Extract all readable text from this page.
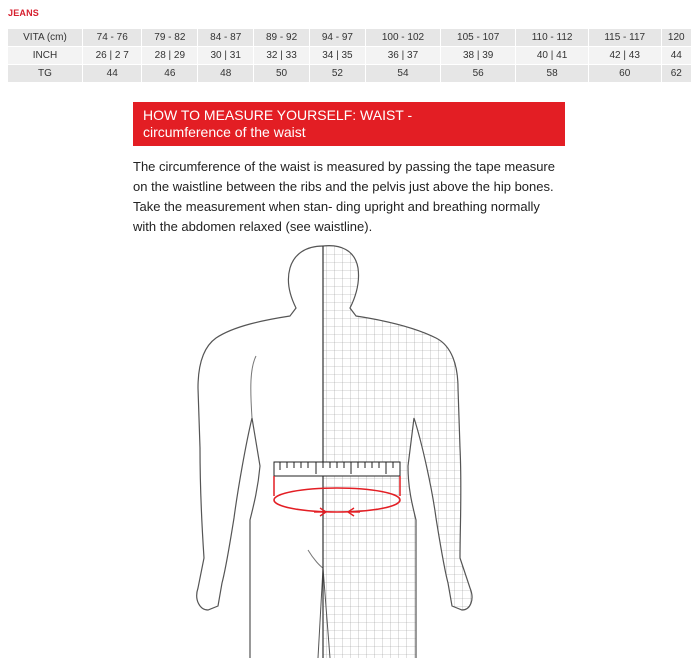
JEANS
VITA (cm)	74 - 76	79 - 82	84 - 87	89 - 92	94 - 97	100 - 102	105 - 107	110 - 112	115 - 117	120
INCH	26 | 2 7	28 | 29	30 | 31	32 | 33	34 | 35	36 | 37	38 | 39	40 | 41	42 | 43	44
TG	44	46	48	50	52	54	56	58	60	62
HOW TO MEASURE YOURSELF: WAIST -
circumference of the waist
The circumference of the waist is measured by passing the tape measure on the waistline between the ribs and the pelvis just above the hip bones. Take the measurement when stan- ding upright and breathing normally with the abdomen relaxed (see waistline).
